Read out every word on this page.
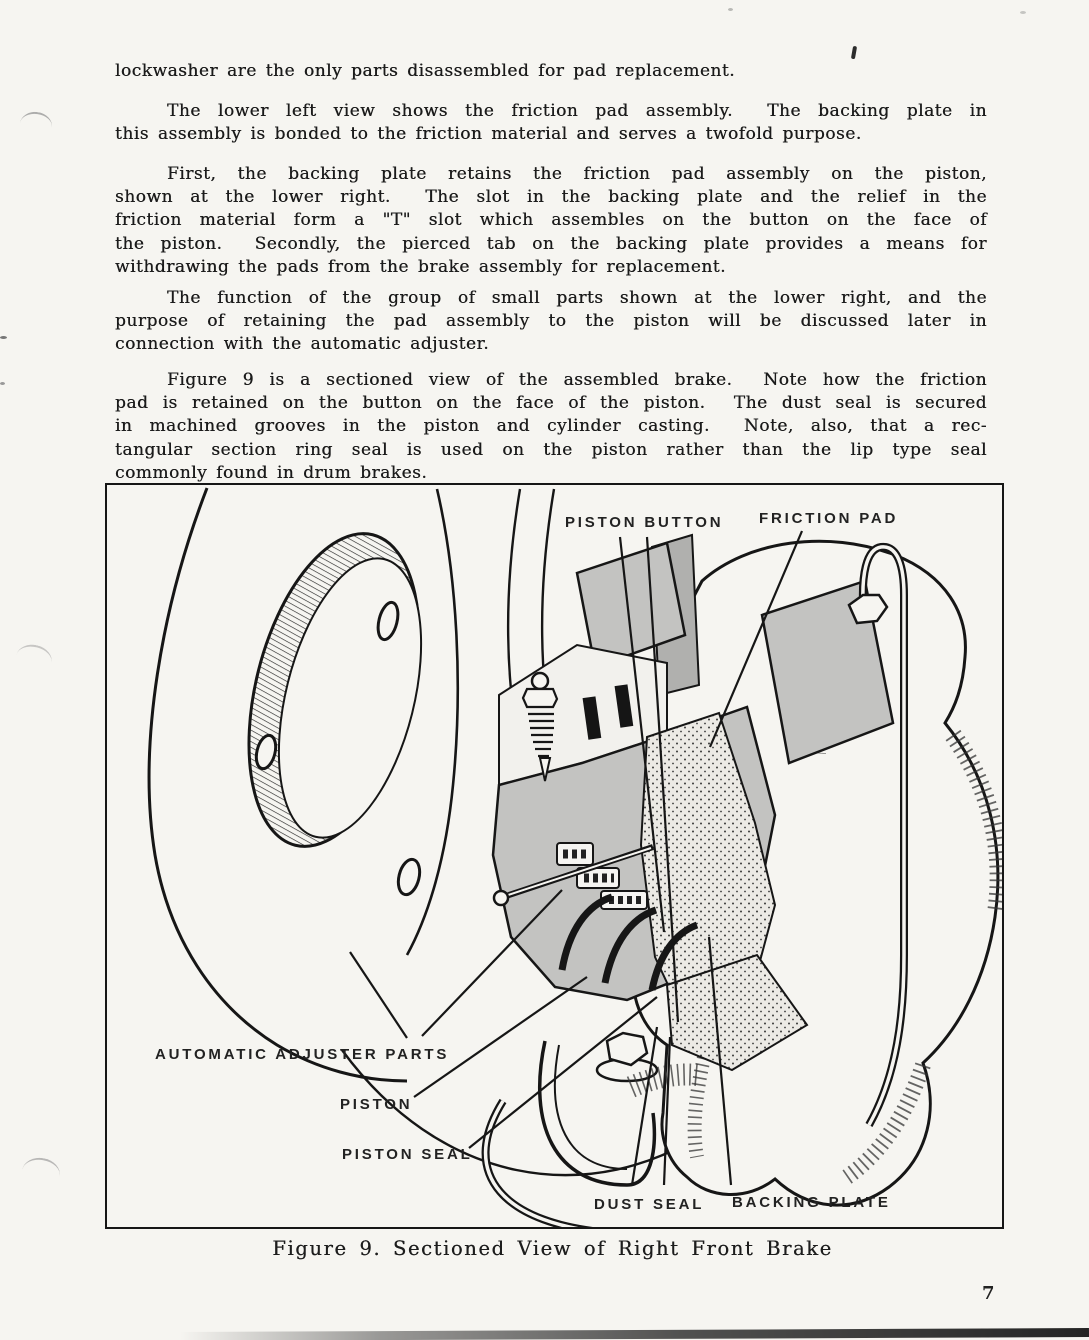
lockwasher are the only parts disassembled for pad replacement.
The lower left view shows the friction pad assembly.  The backing plate in
this assembly is bonded to the friction material and serves a twofold purpose.
First, the backing plate retains the friction pad assembly on the piston,
shown at the lower right.  The slot in the backing plate and the relief in the
friction material form a "T" slot which assembles on the button on the face of
the piston.  Secondly, the pierced tab on the backing plate provides a means for
withdrawing the pads from the brake assembly for replacement.
The function of the group of small parts shown at the lower right, and the
purpose of retaining the pad assembly to the piston will be discussed later in
connection with the automatic adjuster.
Figure 9 is a sectioned view of the assembled brake.  Note how the friction
pad is retained on the button on the face of the piston.  The dust seal is secured
in machined grooves in the piston and cylinder casting.  Note, also, that a rec-
tangular section ring seal is used on the piston rather than the lip type seal
commonly found in drum brakes.
PISTON BUTTON FRICTION PAD
AUTOMATIC ADJUSTER PARTS
PISTON
PISTON SEAL
DUST SEAL BACKING PLATE
Figure 9. Sectioned View of Right Front Brake
7
